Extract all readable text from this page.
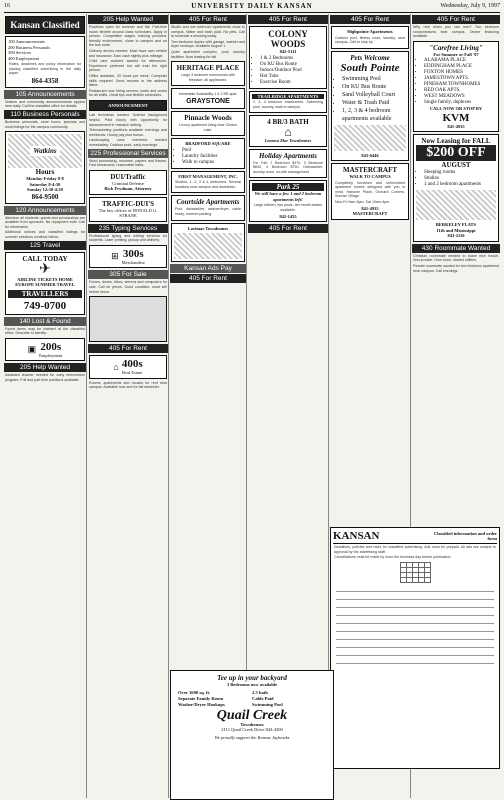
16	UNIVERSITY DAILY KANSAN	Wednesday, July 9, 1997
Kansan Classified
100 Announcements
200 Business Personals
300 Services
400 Employment
Rates, deadlines and policy information for placing classified advertising in the daily paper.
864-4358
105 Announcements
Notices and community announcements appear here daily. Call the classified office for details.
110 Business Personals
Business personals, store hours, specials and local listings for the campus community.
Watkins
Hours
Monday-Friday 8-8
Saturday 8-4:30
Sunday 12:30-4:30
864-9500
120 Announcements
Attention all students: grants and scholarships are available from sponsors. No repayment ever. Call for information.
Additional notices and classified listings for summer sessions continue below.
125 Travel
CALL TODAY
✈
AIRLINE TICKETS HOME
EUROPE SUMMER TRAVEL
TRAVELLERS
749-0700
140 Lost & Found
Found items may be claimed at the classified office. Describe to identify.
▣ 200s
Employment
205 Help Wanted
Assistant teacher needed for early intervention program. Full and part time positions available.
205 Help Wanted
Positions open for summer and fall. Part-time hours flexible around class schedules. Apply in person. Competitive wages, training provided, friendly environment, close to campus and on the bus route.
Delivery drivers needed. Must have own vehicle and insurance. Earn cash nightly plus mileage.
Child care workers wanted for afternoons. Experience preferred but will train the right person.
Office assistant, 20 hours per week. Computer skills required. Send resume to the address listed.
Restaurant now hiring servers, hosts and cooks for all shifts. Great tips and flexible schedules.
ANNOUNCEMENT
Lab technician wanted. Science background helpful. Paid hourly with opportunity for advancement in research setting.
Telemarketing positions available evenings and weekends. Hourly pay plus bonus.
Landscaping crew members needed immediately. Outdoor work, early mornings.
225 Professional Services
Word processing, resumes, papers and theses. Fast turnaround, reasonable rates.
DUI/Traffic
Criminal Defense
Rick Frydman, Attorney
TRAFFIC-DUI'S
The law offices of DONALD G. STRANE
235 Typing Services
Professional typing and editing services for students. Laser printing, pickup and delivery.
⊞ 300s
Merchandise
305 For Sale
Futons, desks, bikes, stereos and computers for sale. Call for prices. Good condition, must sell before move.
405 For Rent
⌂ 400s
Real Estate
Rooms, apartments and houses for rent near campus. Available now and for fall semester.
405 For Rent
Studio and one bedroom apartments close to campus. Water and trash paid. No pets. Call to schedule a showing today.
Two bedroom duplex with garage, washer and dryer hookups. Available August 1.
Quiet apartment complex, pool, laundry facilities. Now leasing for fall.
HERITAGE PLACE
Large 3 bedroom townhomes with fireplace, all appliances.
Immediate Availability 1 & 2 BR apts.
GRAYSTONE
Pinnacle Woods
Luxury apartment living near Clinton Lake.
BRADFORD SQUARE
• Pool
• Laundry facilities
• Walk to campus
FIRST MANAGEMENT, INC.
Studios, 1, 2, 3 & 4 bedrooms. Several locations near campus and downtown.
Courtside Apartments
Pool, dishwasher, washer/dryer, cable ready, covered parking.
Lorimar Townhomes
Kansan Ads Pay
405 For Rent
405 For Rent
COLONY WOODS
842-5111
• 1 & 2 Bedrooms
• On KU Bus Route
• Indoor/Outdoor Pool
• Hot Tubs
• Exercise Room
TRAILRIDGE APARTMENTS
2, 3, 4 bedroom townhomes. Swimming pool, laundry, walk to campus.
4 BR/3 BATH
⌂
Leanna Mar Townhomes
Holiday Apartments
For Fall: 2 Bedroom $470, 3 Bedroom $630, 4 Bedroom $750. Dishwasher, laundry room, on-site management.
Park 25
We still have a few 1 and 2 bedroom apartments left!
Large kitchen, two pools, ten month leases available.
842-1455
405 For Rent
405 For Rent
Highpointe Apartments
Outdoor pool, fitness room, laundry, near campus. Call or stop by.
Pets Welcome
South Pointe
• Swimming Pool
• On KU Bus Route
• Sand Volleyball Court
• Water & Trash Paid
• 1, 2, 3 & 4 bedroom apartments available
843-6446
MASTERCRAFT
WALK TO CAMPUS
Completely furnished and unfurnished apartment homes designed with you in mind. Hanover Place, Orchard Corners, Sunrise Village.
Mon-Fri 9am-5pm, Sat 10am-4pm.
841-4935
MASTERCRAFT
405 For Rent
Why rent when you can own? Two bedroom condominiums near campus. Owner financing available.
"Carefree Living"
For Summer or Fall '97
• ALABAMA PLACE
• EDDINGHAM PLACE
• FOXTON HOMES
• JAMESTOWN APTS.
• PINEHAM TOWNHOMES
• RED OAK APTS.
• WEST MEADOWS
• Single family, duplexes
CALL NOW OR STOP BY
KVM
841-4935
Now Leasing for FALL
$200 OFF
AUGUST
• Sleeping rooms
• Studios
• 1 and 2 bedroom apartments
BERKELEY FLATS
11th and Mississippi
843-2116
430 Roommate Wanted
Christian roommate needed to share nice house. Non-smoker. Own room, shared utilities.
Female roommate wanted for two bedroom apartment near campus. Call evenings.
KANSAN	Classified information and order form
Deadlines, policies and rates for classified advertising. Ads must be prepaid. All ads are subject to approval by the advertising staff.
Cancellations must be made by noon the business day before publication.

Tee up in your backyard
3 Bedrooms now available
Over 1600 sq. ft.	2.5 bath
Separate Family Room	Cable Paid
Washer/Dryer Hookups	Swimming Pool
Quail Creek
Townhouses
2111 Quail Creek Drive 843-4300
We proudly support the Kansas Jayhawks
